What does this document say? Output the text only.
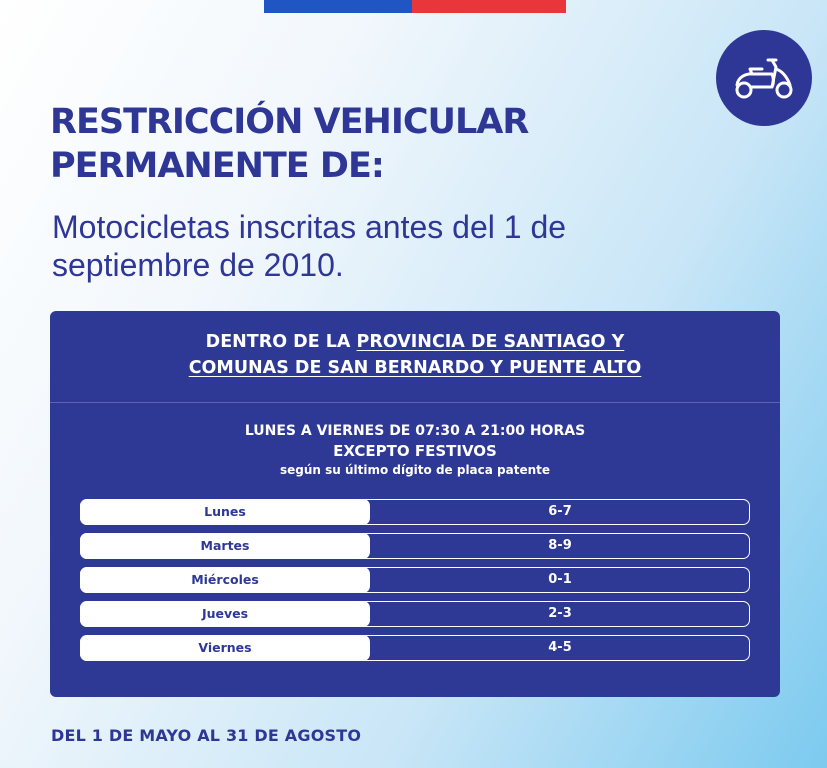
RESTRICCIÓN VEHICULAR
PERMANENTE DE:

Motocicletas inscritas antes del 1 de
septiembre de 2010.

DENTRO DE LA PROVINCIA DE SANTIAGO Y
COMUNAS DE SAN BERNARDO Y PUENTE ALTO
LUNES A VIERNES DE 07:30 A 21:00 HORAS
EXCEPTO FESTIVOS
según su último dígito de placa patente
Lunes	6-7
Martes	8-9
Miércoles	0-1
Jueves	2-3
Viernes	4-5

DEL 1 DE MAYO AL 31 DE AGOSTO
